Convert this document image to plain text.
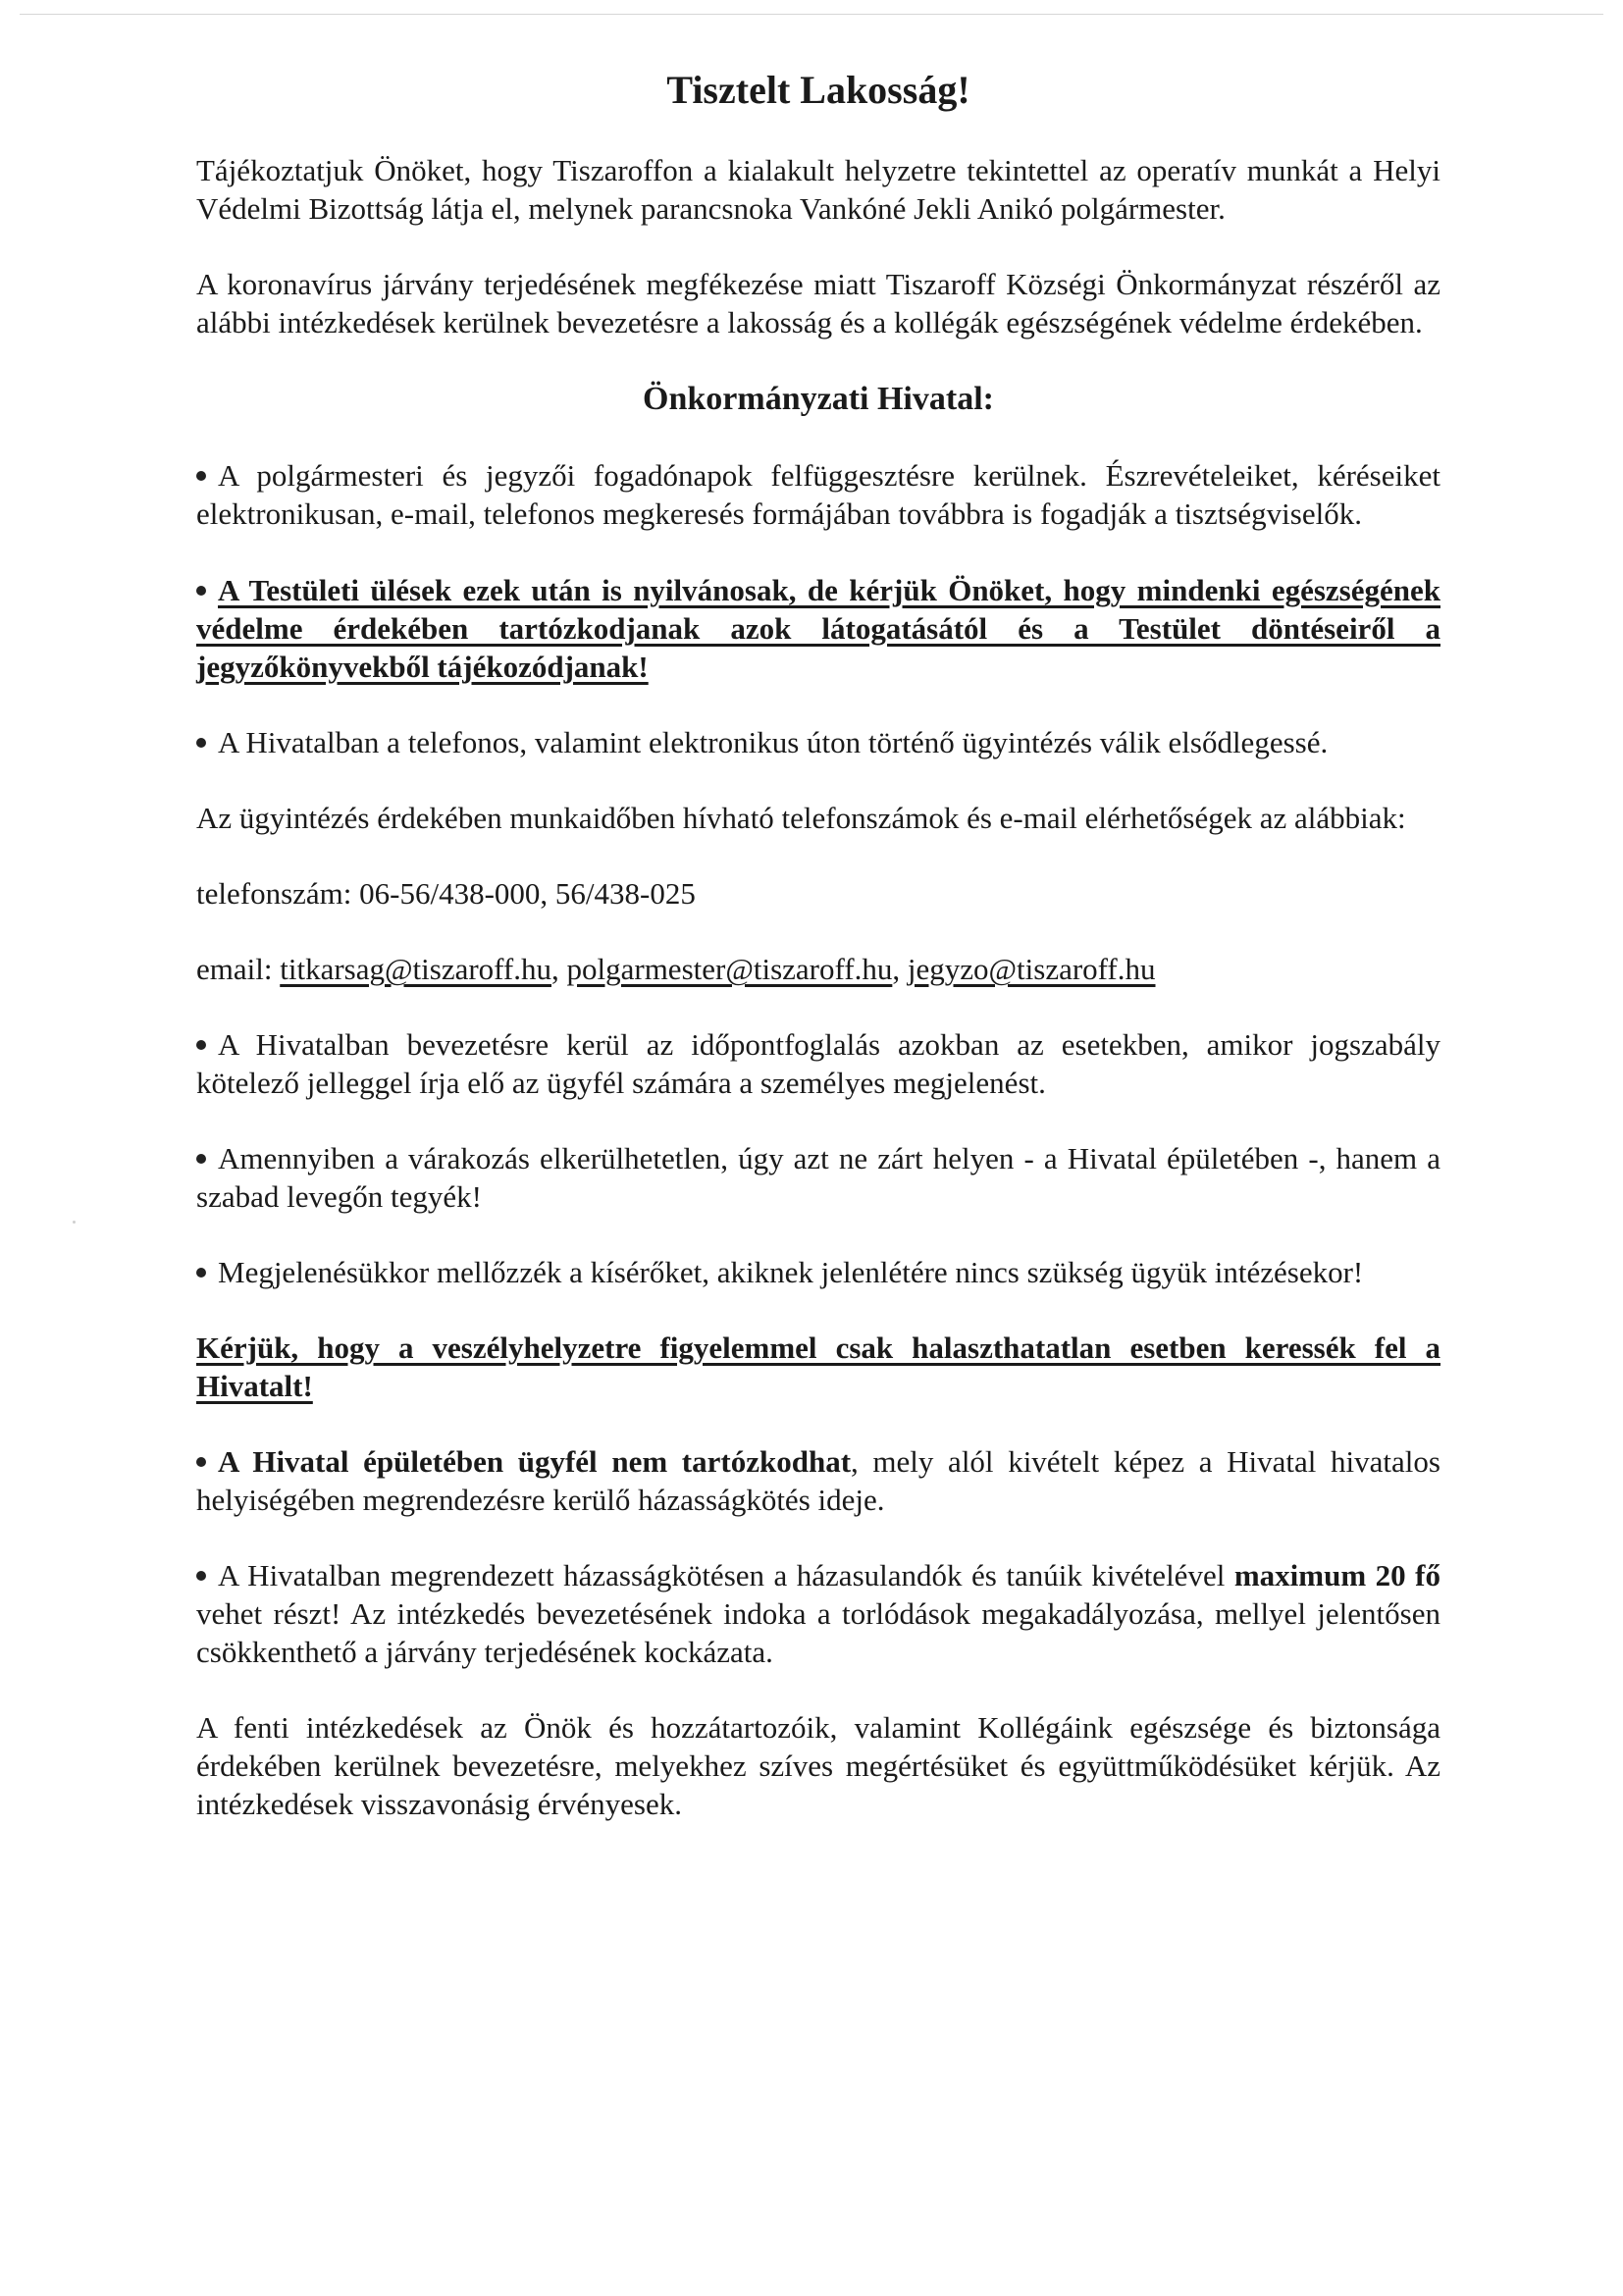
Tisztelt Lakosság!

Tájékoztatjuk Önöket, hogy Tiszaroffon a kialakult helyzetre tekintettel az operatív munkát a Helyi Védelmi Bizottság látja el, melynek parancsnoka Vankóné Jekli Anikó polgármester.

A koronavírus járvány terjedésének megfékezése miatt Tiszaroff Községi Önkormányzat részéről az alábbi intézkedések kerülnek bevezetésre a lakosság és a kollégák egészségének védelme érdekében.

Önkormányzati Hivatal:

A polgármesteri és jegyzői fogadónapok felfüggesztésre kerülnek. Észrevételeiket, kéréseiket elektronikusan, e-mail, telefonos megkeresés formájában továbbra is fogadják a tisztségviselők.

A Testületi ülések ezek után is nyilvánosak, de kérjük Önöket, hogy mindenki egészségének védelme érdekében tartózkodjanak azok látogatásától és a Testület döntéseiről a jegyzőkönyvekből tájékozódjanak!

A Hivatalban a telefonos, valamint elektronikus úton történő ügyintézés válik elsődlegessé.

Az ügyintézés érdekében munkaidőben hívható telefonszámok és e-mail elérhetőségek az alábbiak:

telefonszám: 06-56/438-000, 56/438-025

email: titkarsag@tiszaroff.hu, polgarmester@tiszaroff.hu, jegyzo@tiszaroff.hu

A Hivatalban bevezetésre kerül az időpontfoglalás azokban az esetekben, amikor jogszabály kötelező jelleggel írja elő az ügyfél számára a személyes megjelenést.

Amennyiben a várakozás elkerülhetetlen, úgy azt ne zárt helyen - a Hivatal épületében -, hanem a szabad levegőn tegyék!

Megjelenésükkor mellőzzék a kísérőket, akiknek jelenlétére nincs szükség ügyük intézésekor!

Kérjük, hogy a veszélyhelyzetre figyelemmel csak halaszthatatlan esetben keressék fel a Hivatalt!

A Hivatal épületében ügyfél nem tartózkodhat, mely alól kivételt képez a Hivatal hivatalos helyiségében megrendezésre kerülő házasságkötés ideje.

A Hivatalban megrendezett házasságkötésen a házasulandók és tanúik kivételével maximum 20 fő vehet részt! Az intézkedés bevezetésének indoka a torlódások megakadályozása, mellyel jelentősen csökkenthető a járvány terjedésének kockázata.

A fenti intézkedések az Önök és hozzátartozóik, valamint Kollégáink egészsége és biztonsága érdekében kerülnek bevezetésre, melyekhez szíves megértésüket és együttműködésüket kérjük. Az intézkedések visszavonásig érvényesek.
